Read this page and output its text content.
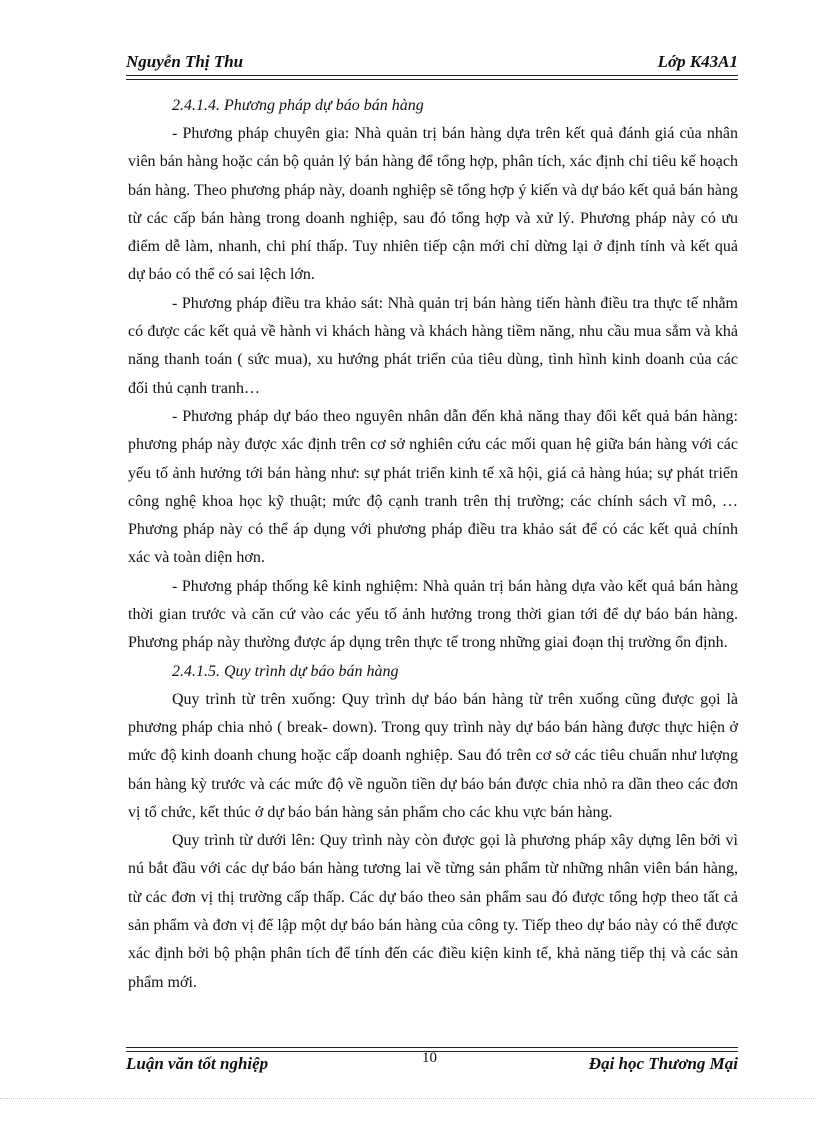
Nguyễn Thị Thu	Lớp K43A1

2.4.1.4. Phương pháp dự báo bán hàng

- Phương pháp chuyên gia: Nhà quản trị bán hàng dựa trên kết quả đánh giá của nhân viên bán hàng hoặc cán bộ quản lý bán hàng để tổng hợp, phân tích, xác định chỉ tiêu kế hoạch bán hàng. Theo phương pháp này, doanh nghiệp sẽ tổng hợp ý kiến và dự báo kết quả bán hàng từ các cấp bán hàng trong doanh nghiệp, sau đó tổng hợp và xử lý. Phương pháp này có ưu điểm dễ làm, nhanh, chi phí thấp. Tuy nhiên tiếp cận mới chỉ dừng lại ở định tính và kết quả dự báo có thể có sai lệch lớn.

- Phương pháp điều tra khảo sát: Nhà quản trị bán hàng tiến hành điều tra thực tế nhằm có được các kết quả về hành vi khách hàng và khách hàng tiềm năng, nhu cầu mua sắm và khả năng thanh toán ( sức mua), xu hướng phát triển của tiêu dùng, tình hình kinh doanh của các đối thủ cạnh tranh…

- Phương pháp dự báo theo nguyên nhân dẫn đến khả năng thay đổi kết quả bán hàng: phương pháp này được xác định trên cơ sở nghiên cứu các mối quan hệ giữa bán hàng với các yếu tố ảnh hưởng tới bán hàng như: sự phát triển kinh tế xã hội, giá cả hàng húa; sự phát triển công nghệ khoa học kỹ thuật; mức độ cạnh tranh trên thị trường; các chính sách vĩ mô, …Phương pháp này có thể áp dụng với phương pháp điều tra khảo sát để có các kết quả chính xác và toàn diện hơn.

- Phương pháp thống kê kinh nghiệm: Nhà quản trị bán hàng dựa vào kết quả bán hàng thời gian trước và căn cứ vào các yếu tố ảnh hưởng trong thời gian tới để dự báo bán hàng. Phương pháp này thường được áp dụng trên thực tế trong những giai đoạn thị trường ổn định.

2.4.1.5. Quy trình dự báo bán hàng

Quy trình từ trên xuống: Quy trình dự báo bán hàng từ trên xuống cũng được gọi là phương pháp chia nhỏ ( break- down). Trong quy trình này dự báo bán hàng được thực hiện ở mức độ kinh doanh chung hoặc cấp doanh nghiệp. Sau đó trên cơ sở các tiêu chuẩn như lượng bán hàng kỳ trước và các mức độ về nguồn tiền dự báo bán được chia nhỏ ra dần theo các đơn vị tổ chức, kết thúc ở dự báo bán hàng sản phẩm cho các khu vực bán hàng.

Quy trình từ dưới lên: Quy trình này còn được gọi là phương pháp xây dựng lên bởi vì nú bắt đầu với các dự báo bán hàng tương lai về từng sản phẩm từ những nhân viên bán hàng, từ các đơn vị thị trường cấp thấp. Các dự báo theo sản phẩm sau đó được tổng hợp theo tất cả sản phẩm và đơn vị để lập một dự báo bán hàng của công ty. Tiếp theo dự báo này có thể được xác định bởi bộ phận phân tích để tính đến các điều kiện kinh tế, khả năng tiếp thị và các sản phẩm mới.

Luận văn tốt nghiệp	10	Đại học Thương Mại
